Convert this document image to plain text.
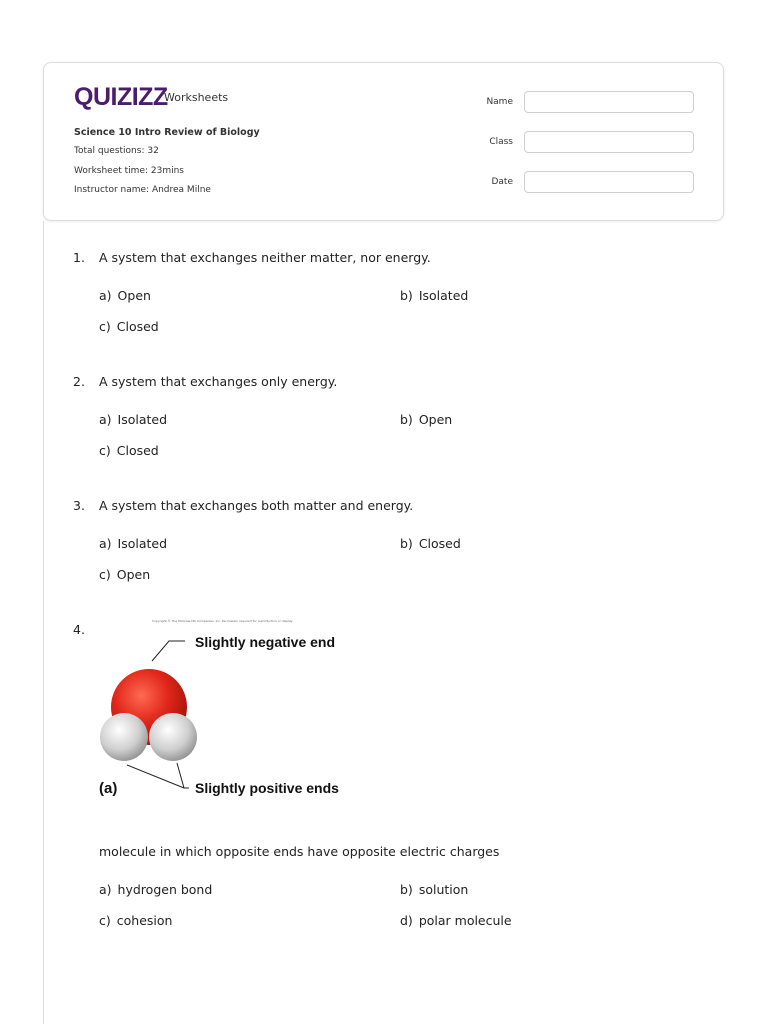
QUIZIZZ
Worksheets
Science 10 Intro Review of Biology
Total questions: 32
Worksheet time: 23mins
Instructor name: Andrea Milne
Name
Class
Date
1. A system that exchanges neither matter, nor energy.
a) Open	b) Isolated
c) Closed
2. A system that exchanges only energy.
a) Isolated	b) Open
c) Closed
3. A system that exchanges both matter and energy.
a) Isolated	b) Closed
c) Open
4.
Copyright © The McGraw-Hill Companies, Inc. Permission required for reproduction or display.
Slightly negative end
Slightly positive ends
(a)
molecule in which opposite ends have opposite electric charges
a) hydrogen bond	b) solution
c) cohesion	d) polar molecule
